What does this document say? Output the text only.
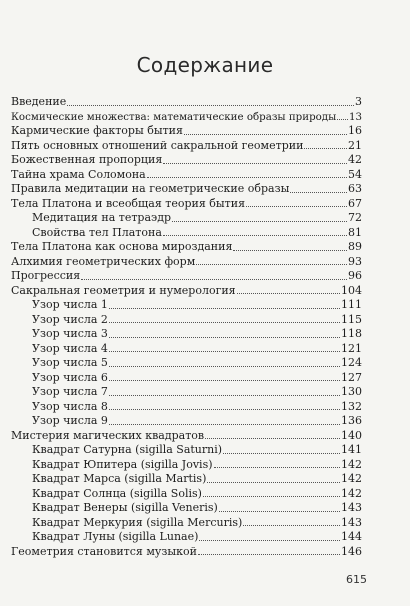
Содержание
Введение	3
Космические множества: математические образы природы 13
Кармические факторы бытия	16
Пять основных отношений сакральной геометрии	21
Божественная пропорция	42
Тайна храма Соломона	54
Правила медитации на геометрические образы	63
Тела Платона и всеобщая теория бытия	67
Медитация на тетраэдр	72
Свойства тел Платона	81
Тела Платона как основа мироздания	89
Алхимия геометрических форм	93
Прогрессия	96
Сакральная геометрия и нумерология	104
Узор числа 1	111
Узор числа 2	115
Узор числа 3	118
Узор числа 4	121
Узор числа 5	124
Узор числа 6	127
Узор числа 7	130
Узор числа 8	132
Узор числа 9	136
Мистерия магических квадратов	140
Квадрат Сатурна (sigilla Saturni)	141
Квадрат Юпитера (sigilla Jovis)	142
Квадрат Марса (sigilla Martis)	142
Квадрат Солнца (sigilla Solis)	142
Квадрат Венеры (sigilla Veneris)	143
Квадрат Меркурия (sigilla Mercuris)	143
Квадрат Луны (sigilla Lunae)	144
Геометрия становится музыкой	146
615
